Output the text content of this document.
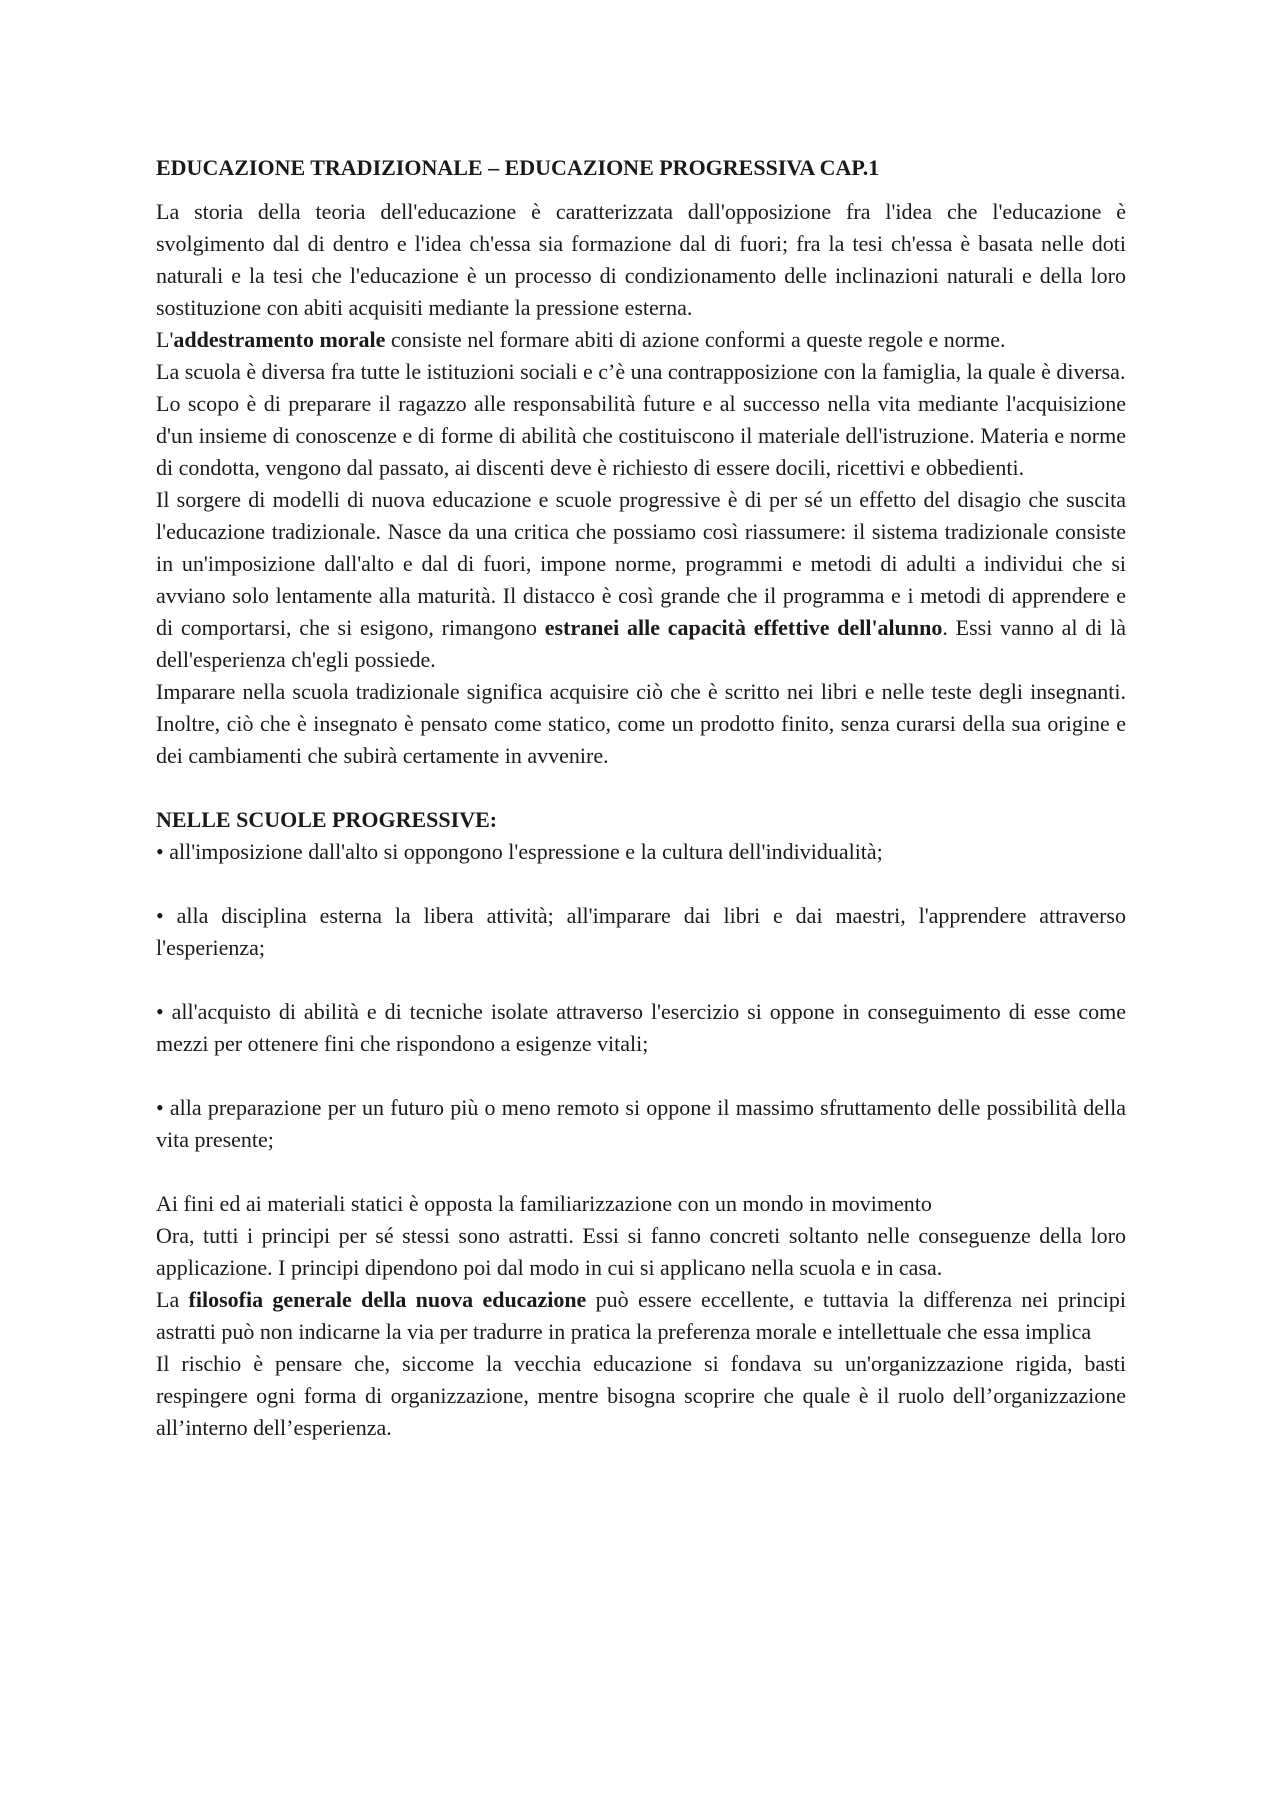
EDUCAZIONE TRADIZIONALE – EDUCAZIONE PROGRESSIVA CAP.1

La storia della teoria dell'educazione è caratterizzata dall'opposizione fra l'idea che l'educazione è svolgimento dal di dentro e l'idea ch'essa sia formazione dal di fuori; fra la tesi ch'essa è basata nelle doti naturali e la tesi che l'educazione è un processo di condizionamento delle inclinazioni naturali e della loro sostituzione con abiti acquisiti mediante la pressione esterna.

L'addestramento morale consiste nel formare abiti di azione conformi a queste regole e norme.

La scuola è diversa fra tutte le istituzioni sociali e c’è una contrapposizione con la famiglia, la quale è diversa.

Lo scopo è di preparare il ragazzo alle responsabilità future e al successo nella vita mediante l'acquisizione d'un insieme di conoscenze e di forme di abilità che costituiscono il materiale dell'istruzione. Materia e norme di condotta, vengono dal passato, ai discenti deve è richiesto di essere docili, ricettivi e obbedienti.

Il sorgere di modelli di nuova educazione e scuole progressive è di per sé un effetto del disagio che suscita l'educazione tradizionale. Nasce da una critica che possiamo così riassumere: il sistema tradizionale consiste in un'imposizione dall'alto e dal di fuori, impone norme, programmi e metodi di adulti a individui che si avviano solo lentamente alla maturità. Il distacco è così grande che il programma e i metodi di apprendere e di comportarsi, che si esigono, rimangono estranei alle capacità effettive dell'alunno. Essi vanno al di là dell'esperienza ch'egli possiede.

Imparare nella scuola tradizionale significa acquisire ciò che è scritto nei libri e nelle teste degli insegnanti. Inoltre, ciò che è insegnato è pensato come statico, come un prodotto finito, senza curarsi della sua origine e dei cambiamenti che subirà certamente in avvenire.

NELLE SCUOLE PROGRESSIVE:

• all'imposizione dall'alto si oppongono l'espressione e la cultura dell'individualità;

• alla disciplina esterna la libera attività; all'imparare dai libri e dai maestri, l'apprendere attraverso l'esperienza;

• all'acquisto di abilità e di tecniche isolate attraverso l'esercizio si oppone in conseguimento di esse come mezzi per ottenere fini che rispondono a esigenze vitali;

• alla preparazione per un futuro più o meno remoto si oppone il massimo sfruttamento delle possibilità della vita presente;

Ai fini ed ai materiali statici è opposta la familiarizzazione con un mondo in movimento

Ora, tutti i principi per sé stessi sono astratti. Essi si fanno concreti soltanto nelle conseguenze della loro applicazione. I principi dipendono poi dal modo in cui si applicano nella scuola e in casa.

La filosofia generale della nuova educazione può essere eccellente, e tuttavia la differenza nei principi astratti può non indicarne la via per tradurre in pratica la preferenza morale e intellettuale che essa implica

Il rischio è pensare che, siccome la vecchia educazione si fondava su un'organizzazione rigida, basti respingere ogni forma di organizzazione, mentre bisogna scoprire che quale è il ruolo dell’organizzazione all’interno dell’esperienza.
